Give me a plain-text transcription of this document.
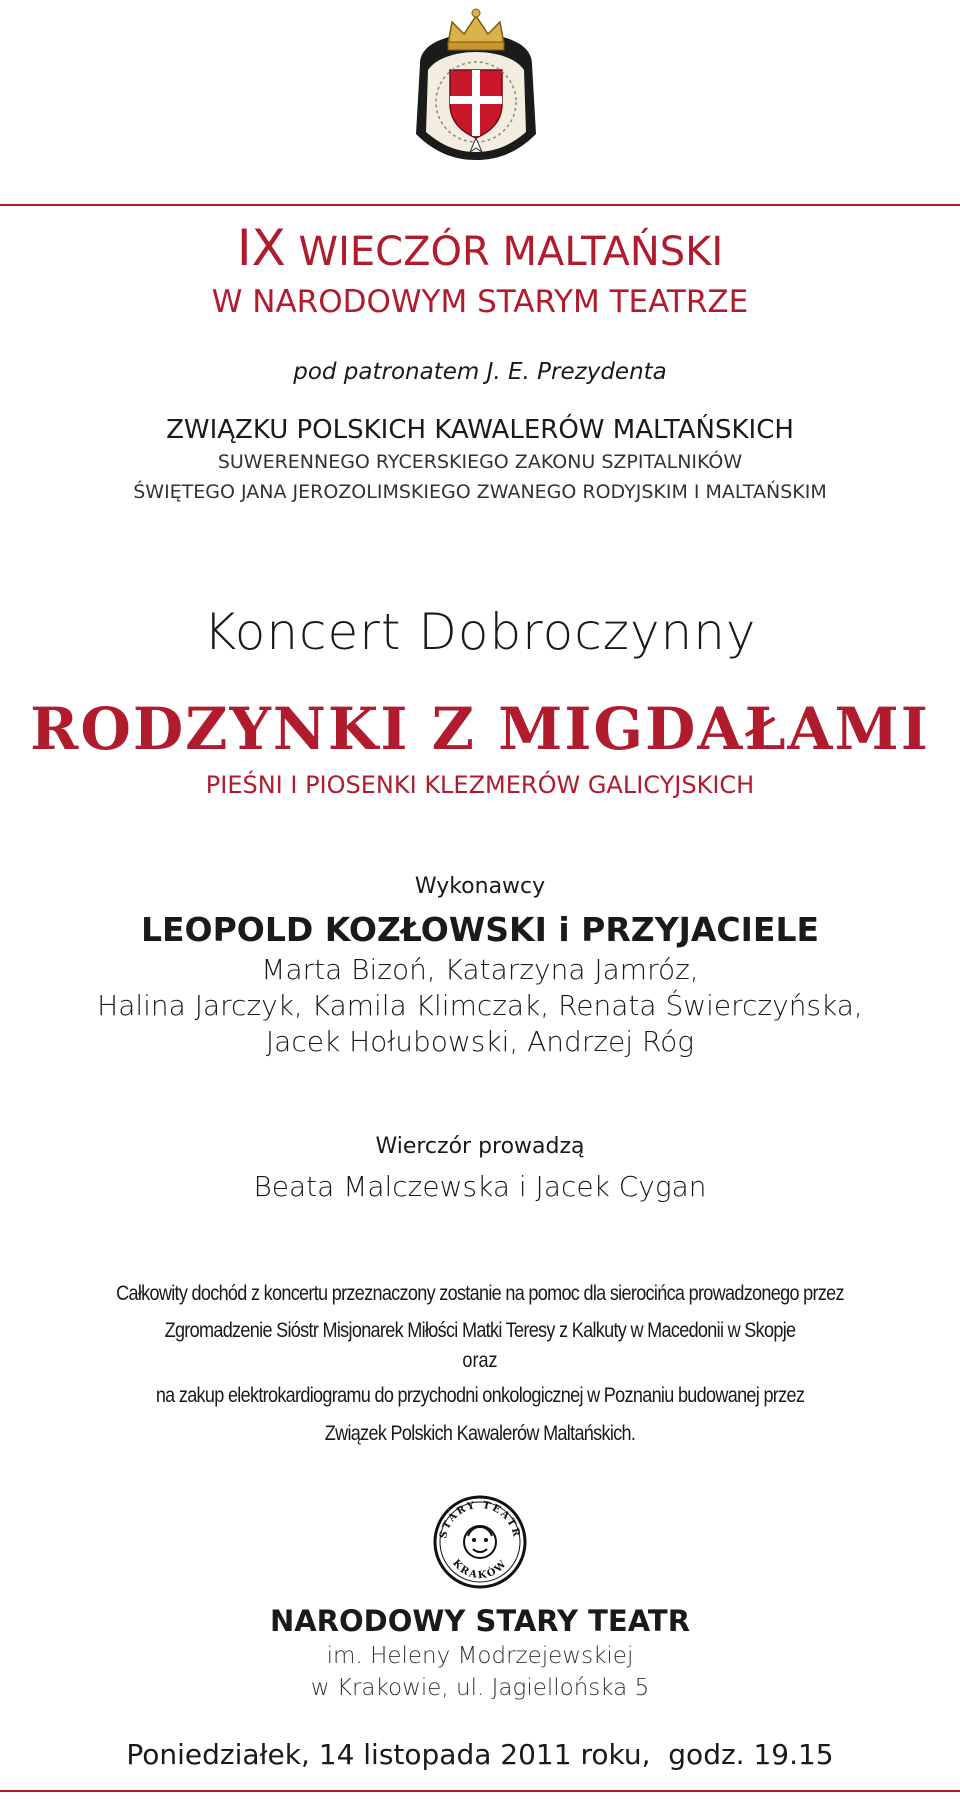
IX WIECZÓR MALTAŃSKI
W NARODOWYM STARYM TEATRZE
pod patronatem J. E. Prezydenta
ZWIĄZKU POLSKICH KAWALERÓW MALTAŃSKICH
SUWERENNEGO RYCERSKIEGO ZAKONU SZPITALNIKÓW
ŚWIĘTEGO JANA JEROZOLIMSKIEGO ZWANEGO RODYJSKIM I MALTAŃSKIM
Koncert Dobroczynny
RODZYNKI Z MIGDAŁAMI
PIEŚNI I PIOSENKI KLEZMERÓW GALICYJSKICH
Wykonawcy
LEOPOLD KOZŁOWSKI i PRZYJACIELE
Marta Bizoń, Katarzyna Jamróz,
Halina Jarczyk, Kamila Klimczak, Renata Świerczyńska,
Jacek Hołubowski, Andrzej Róg
Wierczór prowadzą
Beata Malczewska i Jacek Cygan
Całkowity dochód z koncertu przeznaczony zostanie na pomoc dla sierocińca prowadzonego przez
Zgromadzenie Sióstr Misjonarek Miłości Matki Teresy z Kalkuty w Macedonii w Skopje
oraz
na zakup elektrokardiogramu do przychodni onkologicznej w Poznaniu budowanej przez
Związek Polskich Kawalerów Maltańskich.
STARY TEATR
KRAKÓW
NARODOWY STARY TEATR
im. Heleny Modrzejewskiej
w Krakowie, ul. Jagiellońska 5
Poniedziałek, 14 listopada 2011 roku,  godz. 19.15
